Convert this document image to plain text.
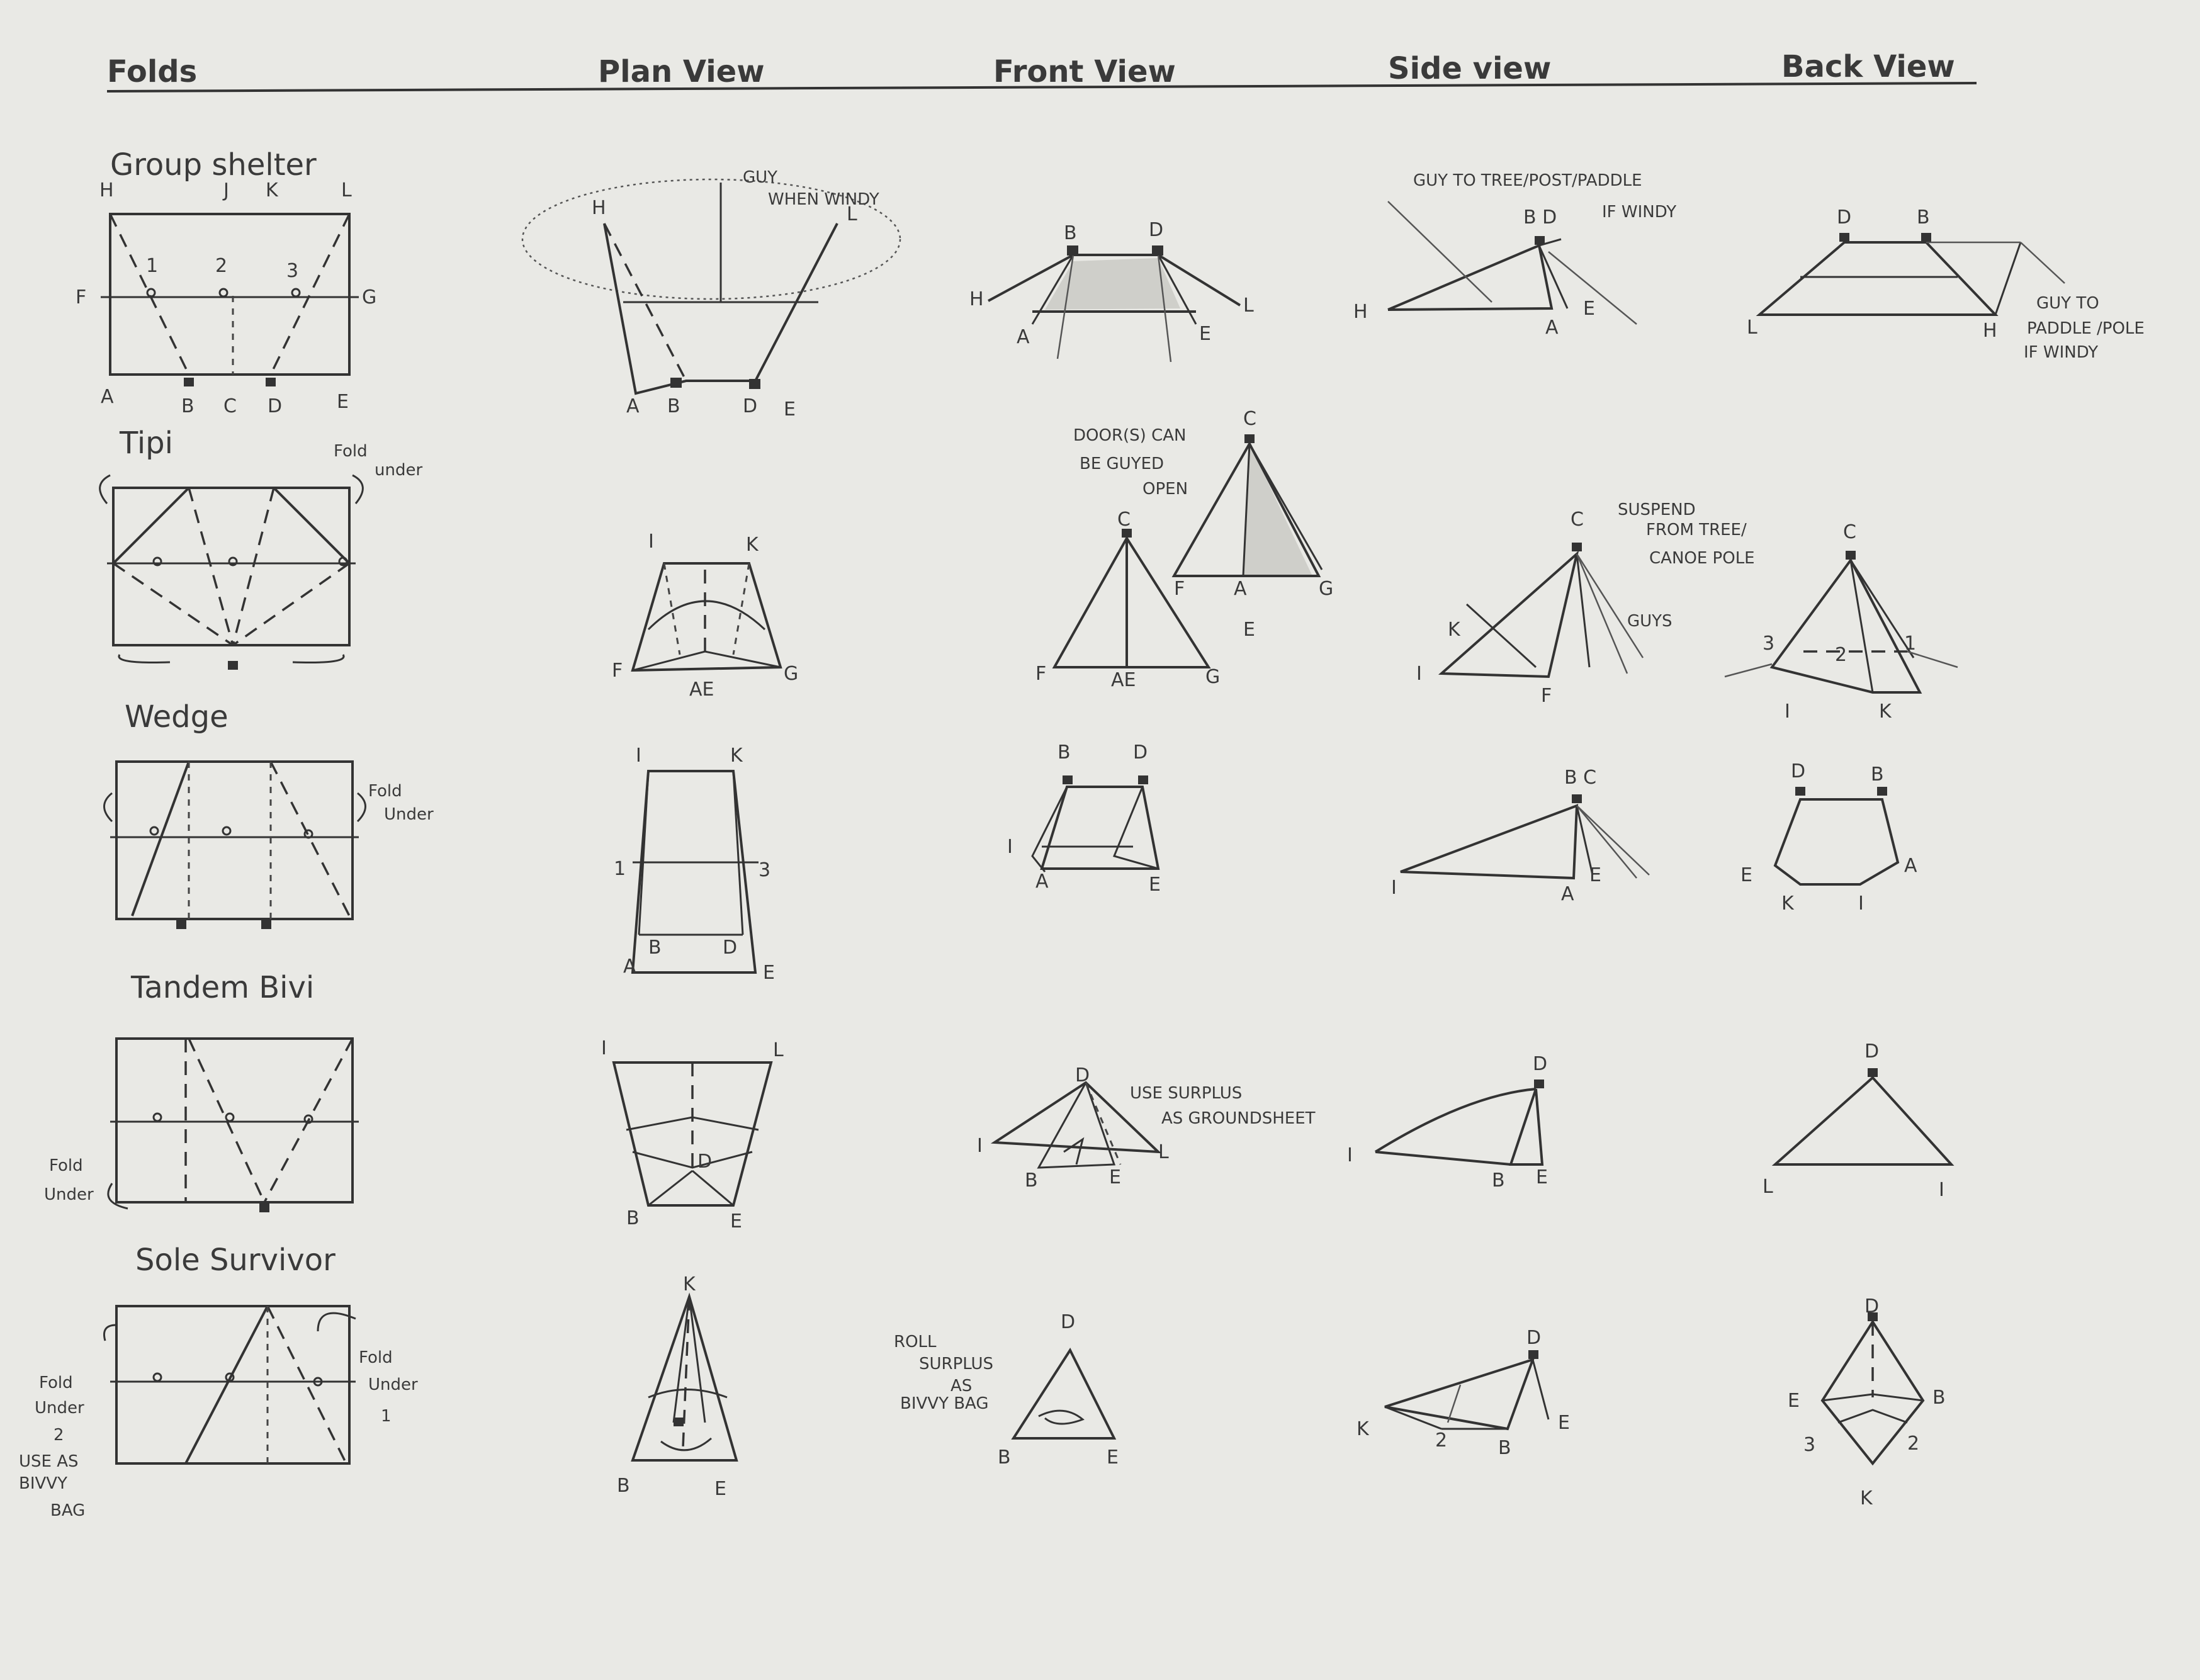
Folds	Plan View	Front View	Side view	Back View
Group shelter
H	J K	L
F	G
A	B C D	E
1	2	3
H	L
A B	D E
GUY
WHEN WINDY
B	D
H	L
A	E
B D
H
A
E
GUY TO TREE/POST/PADDLE
IF WINDY	D	B
L	H
GUY TO
PADDLE /POLE
IF WINDY
Tipi	Fold
under
I	K
F	G
AE
C
F	AE	G
C
F	A	G
E
DOOR(S) CAN
BE GUYED
OPEN
C
K
I
F
SUSPEND
FROM TREE/
CANOE POLE
GUYS
C
3
2
1
I	K
Wedge
Fold
Under
I	K
1	3
A
B	D
E
B	D
I
A	E
B C
I	A
E
D	B
E	A
K	I
Tandem Bivi
Fold
Under
I	L
D
B	E
D
I	L
B	E
USE SURPLUS
AS GROUNDSHEET
D
I
B E
D
L	I
Sole Survivor
Fold
Under
2
USE AS
BIVVY
BAG
Fold
Under
1
K
B	E
D
B	E
ROLL
SURPLUS
AS
BIVVY BAG
D
K
2	B
E
D
E	B
3	2
K
